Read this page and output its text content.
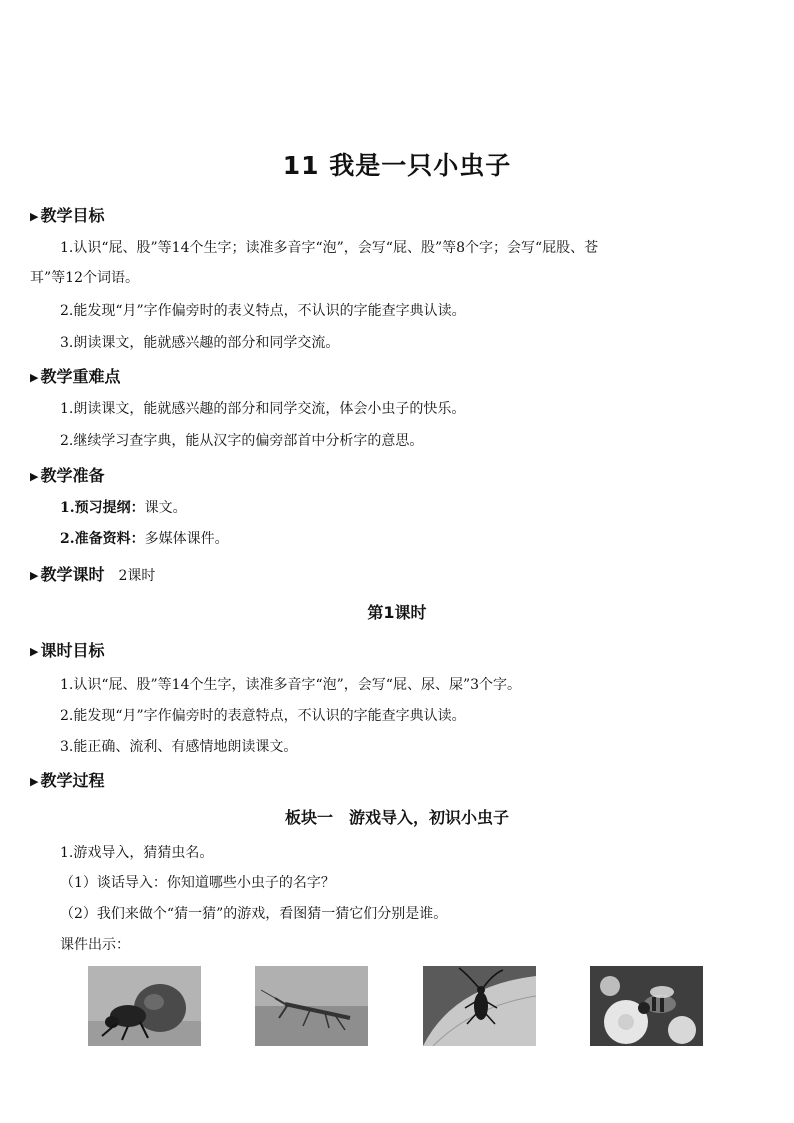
11 我是一只小虫子
▶ 教学目标
1.认识“屁、股”等14个生字；读准多音字“泡”，会写“屁、股”等8个字；会写“屁股、苍
耳”等12个词语。
2.能发现“月”字作偏旁时的表义特点，不认识的字能查字典认读。
3.朗读课文，能就感兴趣的部分和同学交流。
▶ 教学重难点
1.朗读课文，能就感兴趣的部分和同学交流，体会小虫子的快乐。
2.继续学习查字典，能从汉字的偏旁部首中分析字的意思。
▶ 教学准备
1.预习提纲：课文。
2.准备资料：多媒体课件。
▶ 教学课时 2课时
第1课时
▶ 课时目标
1.认识“屁、股”等14个生字，读准多音字“泡”，会写“屁、尿、屎”3个字。
2.能发现“月”字作偏旁时的表意特点，不认识的字能查字典认读。
3.能正确、流利、有感情地朗读课文。
▶ 教学过程
板块一　游戏导入，初识小虫子
1.游戏导入，猜猜虫名。
（1）谈话导入：你知道哪些小虫子的名字？
（2）我们来做个“猜一猜”的游戏，看图猜一猜它们分别是谁。
课件出示：
